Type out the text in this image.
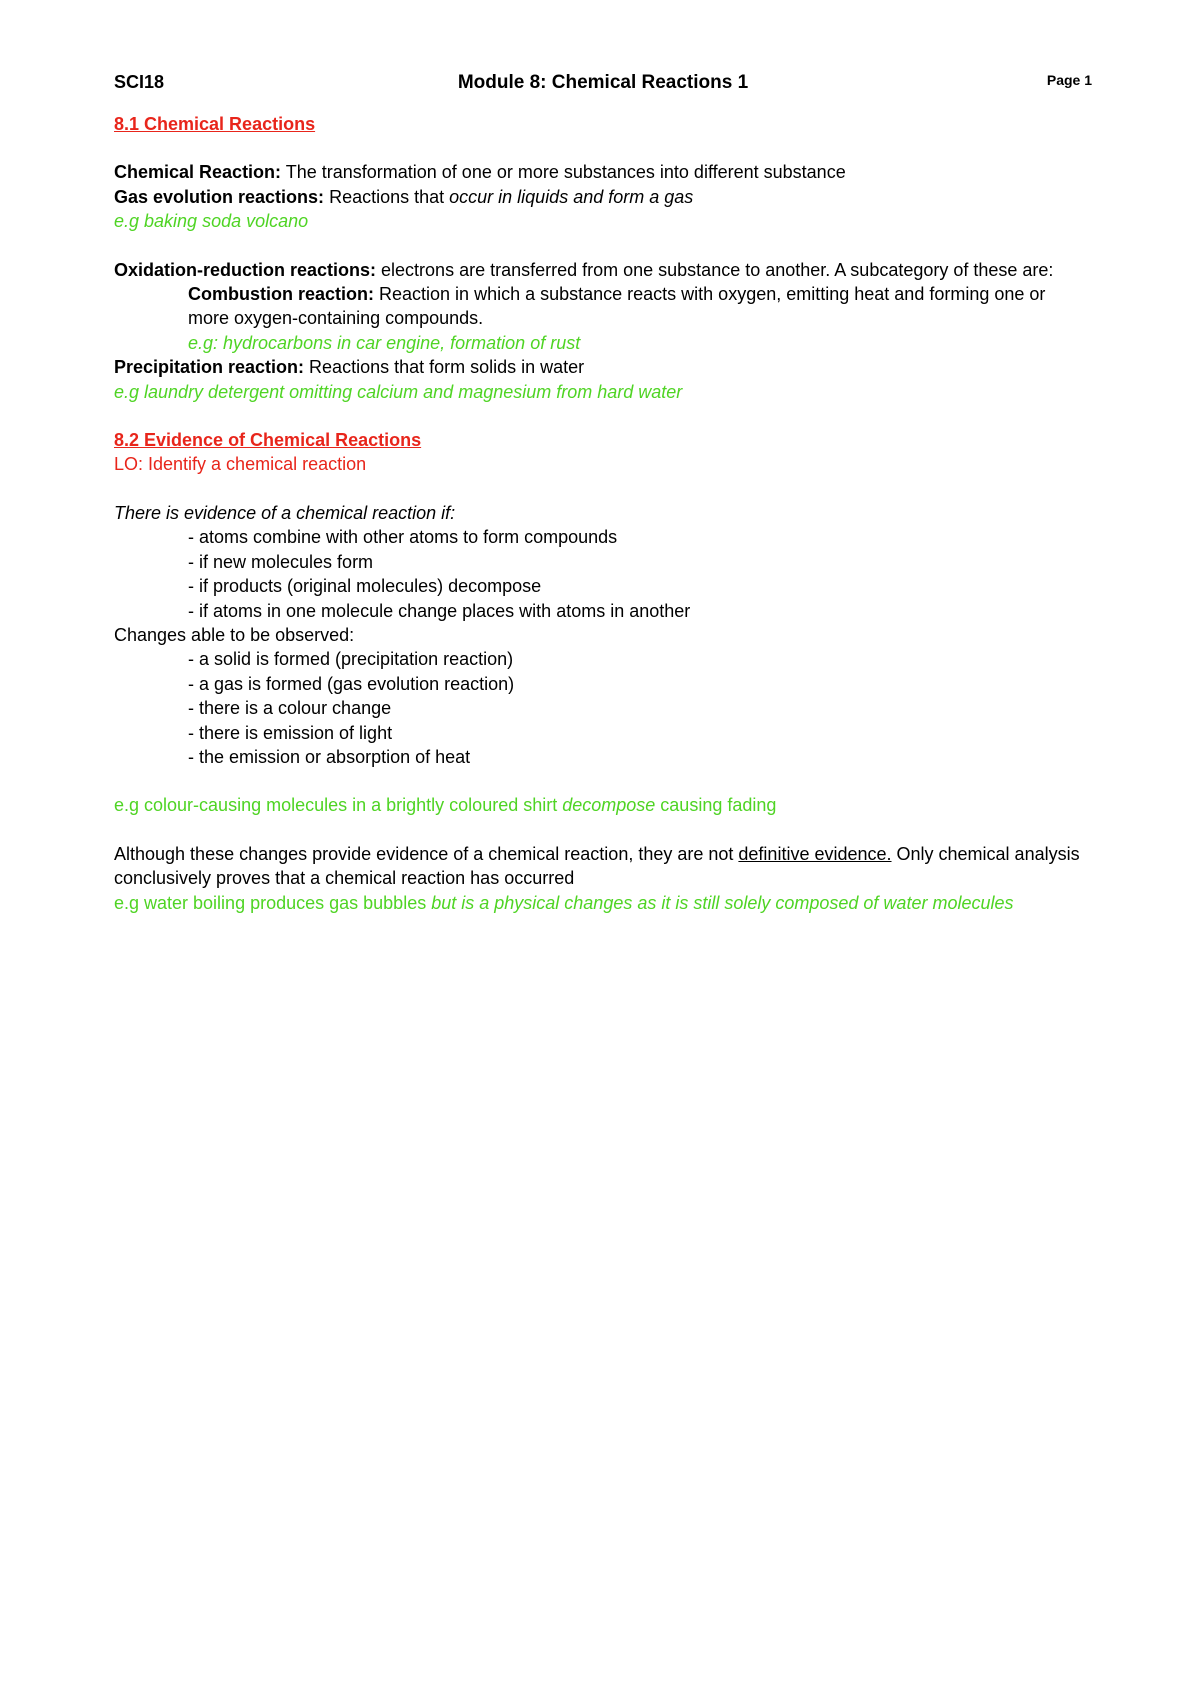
SCI18	Module 8: Chemical Reactions 1	Page 1

8.1 Chemical Reactions

Chemical Reaction: The transformation of one or more substances into different substance

Gas evolution reactions: Reactions that occur in liquids and form a gas

e.g baking soda volcano

Oxidation-reduction reactions: electrons are transferred from one substance to another. A subcategory of these are:

Combustion reaction: Reaction in which a substance reacts with oxygen, emitting heat and forming one or more oxygen-containing compounds.

e.g: hydrocarbons in car engine, formation of rust

Precipitation reaction: Reactions that form solids in water

e.g laundry detergent omitting calcium and magnesium from hard water

8.2 Evidence of Chemical Reactions

LO: Identify a chemical reaction

There is evidence of a chemical reaction if:

- atoms combine with other atoms to form compounds

- if new molecules form

- if products (original molecules) decompose

- if atoms in one molecule change places with atoms in another

Changes able to be observed:

- a solid is formed (precipitation reaction)

- a gas is formed (gas evolution reaction)

- there is a colour change

- there is emission of light

- the emission or absorption of heat

e.g colour-causing molecules in a brightly coloured shirt decompose causing fading

Although these changes provide evidence of a chemical reaction, they are not definitive evidence. Only chemical analysis conclusively proves that a chemical reaction has occurred

e.g water boiling produces gas bubbles but is a physical changes as it is still solely composed of water molecules
